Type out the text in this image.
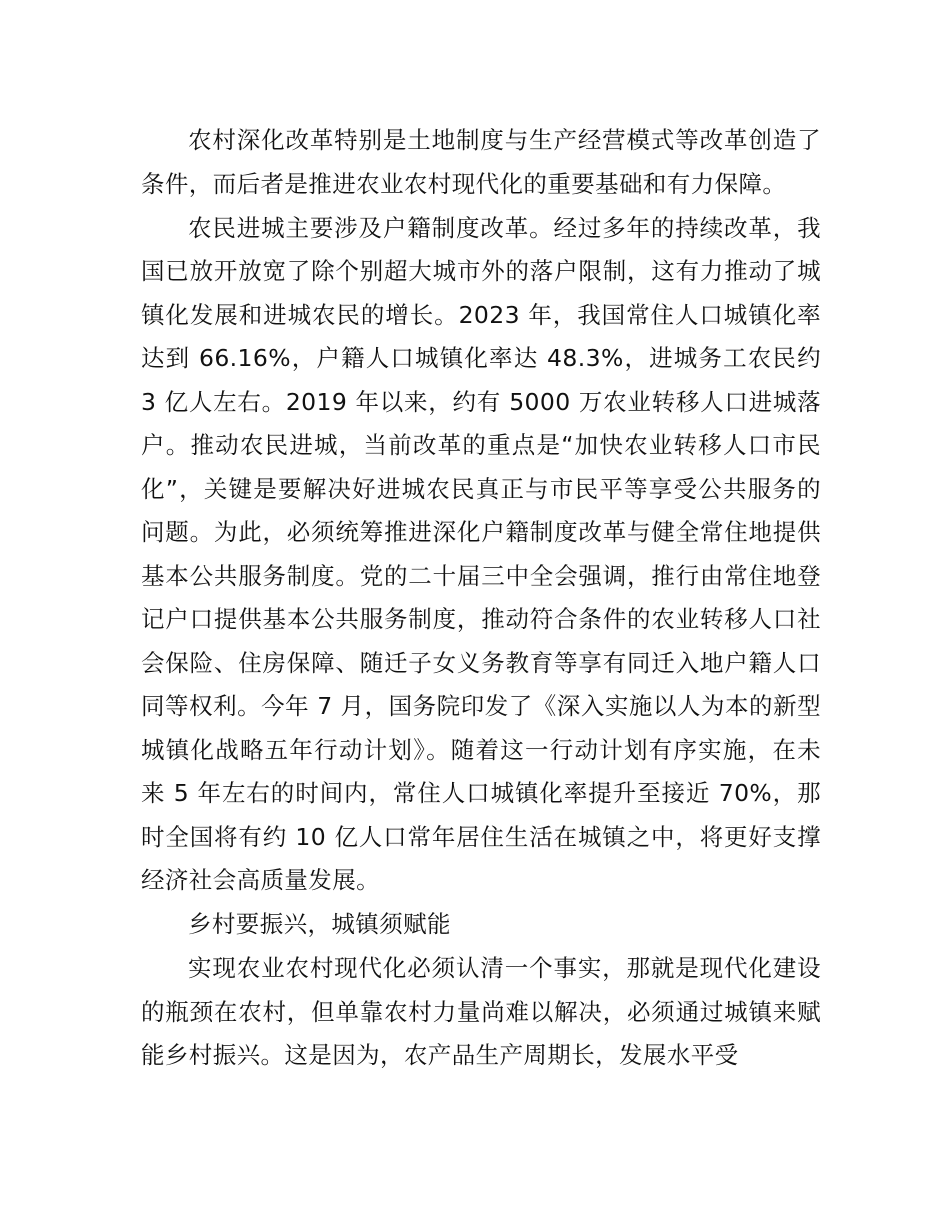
农村深化改革特别是土地制度与生产经营模式等改革创造了条件，而后者是推进农业农村现代化的重要基础和有力保障。

农民进城主要涉及户籍制度改革。经过多年的持续改革，我国已放开放宽了除个别超大城市外的落户限制，这有力推动了城镇化发展和进城农民的增长。2023 年，我国常住人口城镇化率达到 66.16%，户籍人口城镇化率达 48.3%，进城务工农民约 3 亿人左右。2019 年以来，约有 5000 万农业转移人口进城落户。推动农民进城，当前改革的重点是“加快农业转移人口市民化”，关键是要解决好进城农民真正与市民平等享受公共服务的问题。为此，必须统筹推进深化户籍制度改革与健全常住地提供基本公共服务制度。党的二十届三中全会强调，推行由常住地登记户口提供基本公共服务制度，推动符合条件的农业转移人口社会保险、住房保障、随迁子女义务教育等享有同迁入地户籍人口同等权利。今年 7 月，国务院印发了《深入实施以人为本的新型城镇化战略五年行动计划》。随着这一行动计划有序实施，在未来 5 年左右的时间内，常住人口城镇化率提升至接近 70%，那时全国将有约 10 亿人口常年居住生活在城镇之中，将更好支撑经济社会高质量发展。

乡村要振兴，城镇须赋能

实现农业农村现代化必须认清一个事实，那就是现代化建设的瓶颈在农村，但单靠农村力量尚难以解决，必须通过城镇来赋能乡村振兴。这是因为，农产品生产周期长，发展水平受
